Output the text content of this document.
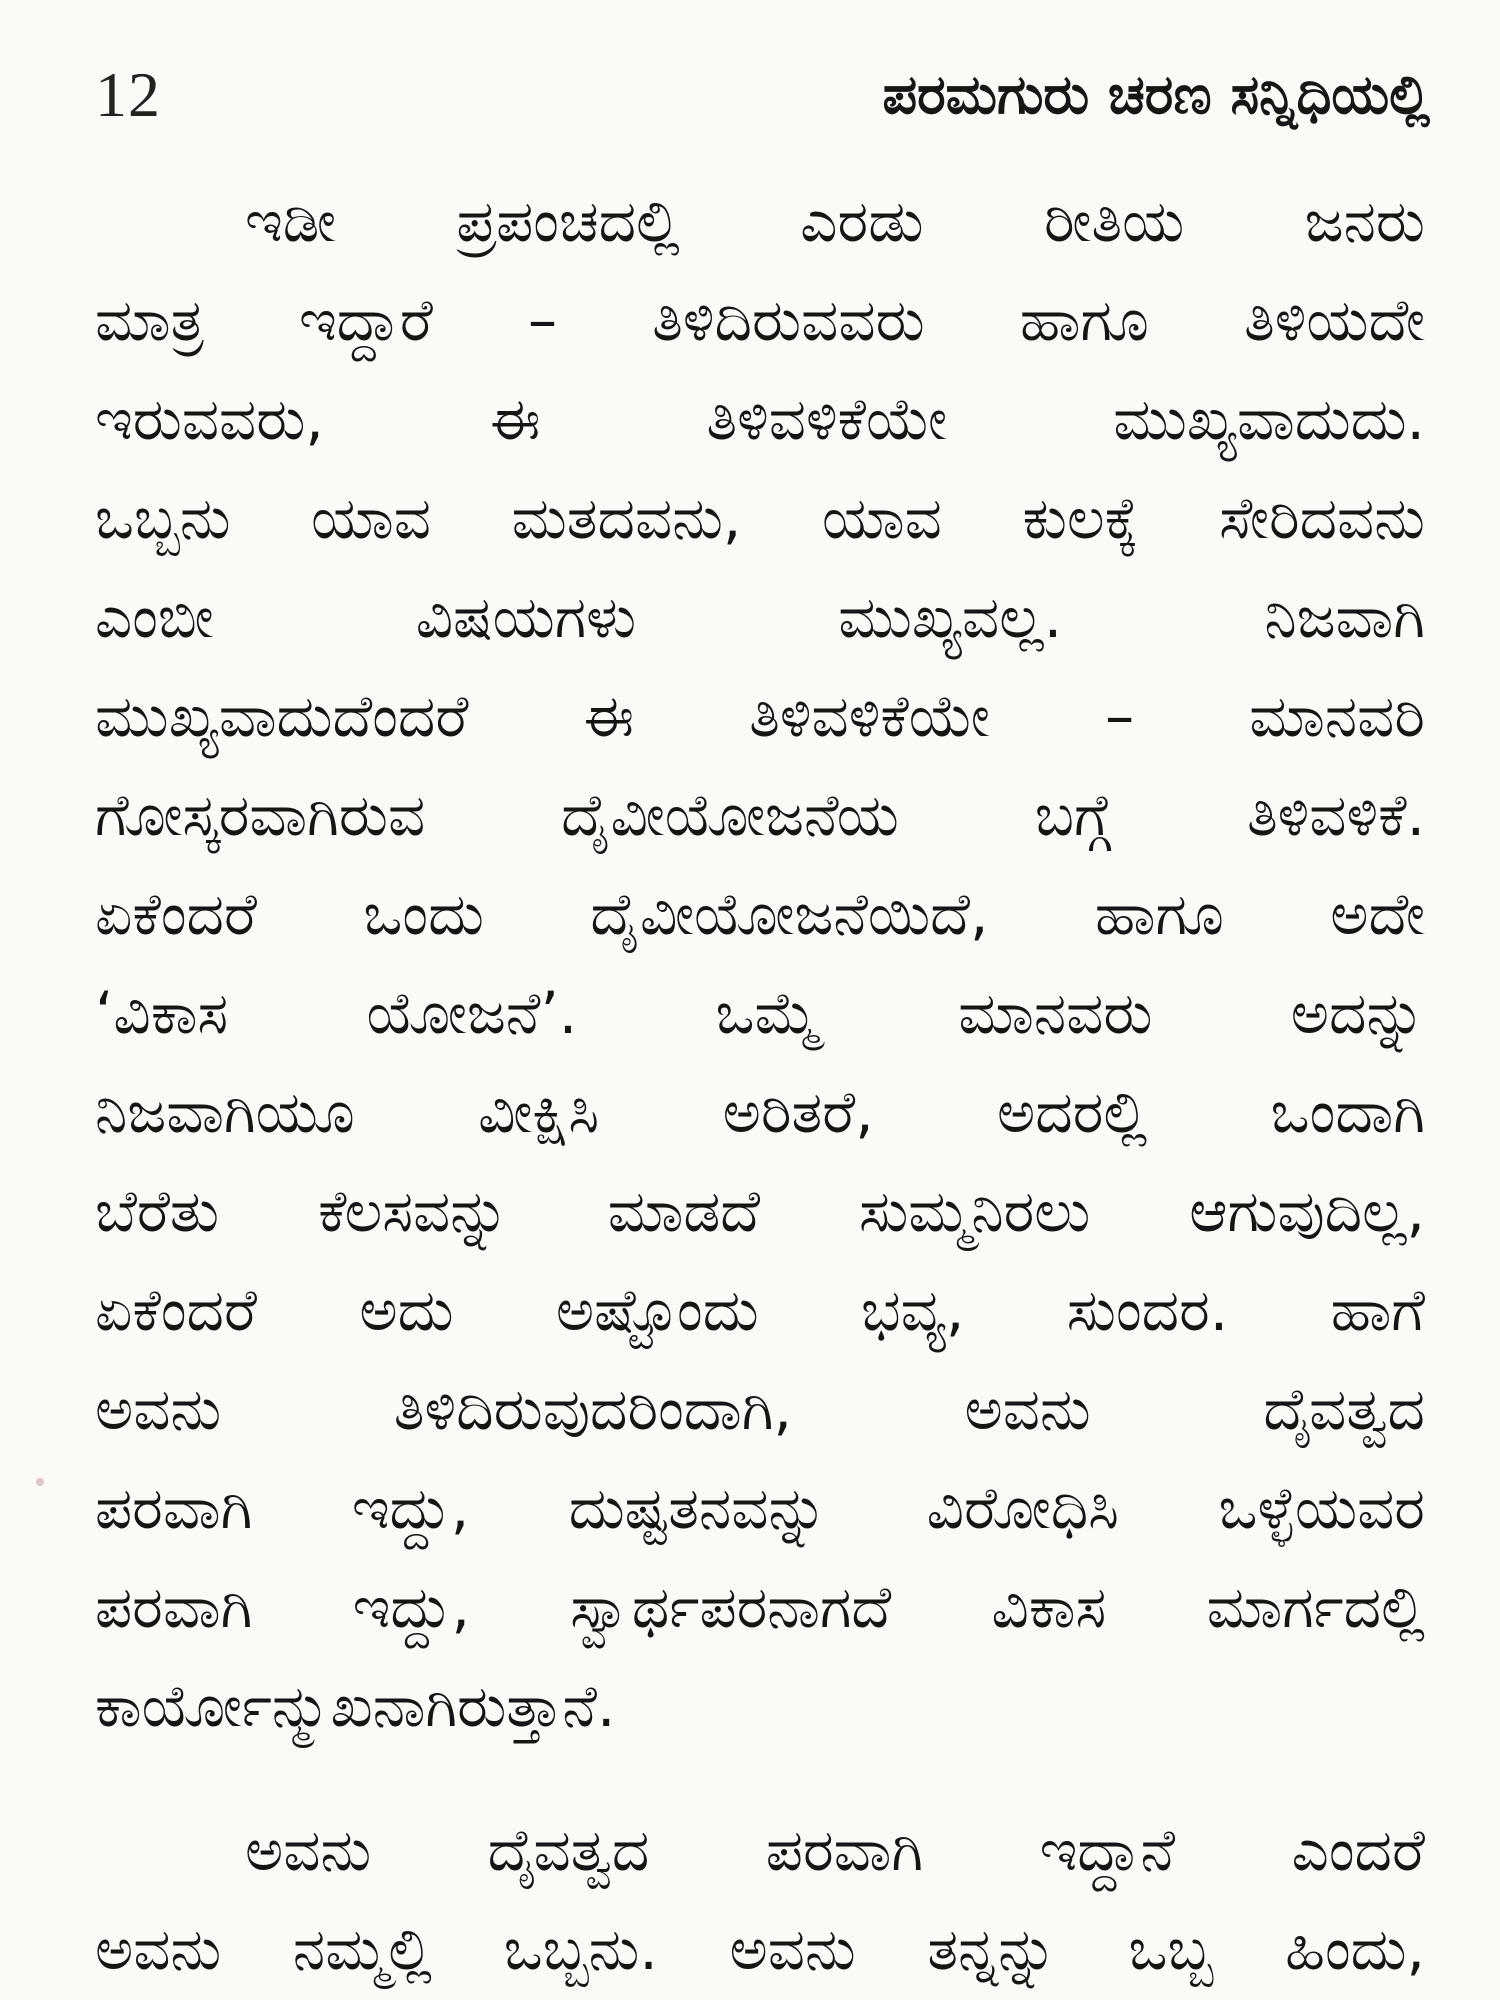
12	ಪರಮಗುರು ಚರಣ ಸನ್ನಿಧಿಯಲ್ಲಿ
ಇಡೀ ಪ್ರಪಂಚದಲ್ಲಿ ಎರಡು ರೀತಿಯ ಜನರು
ಮಾತ್ರ ಇದ್ದಾರೆ – ತಿಳಿದಿರುವವರು ಹಾಗೂ ತಿಳಿಯದೇ
ಇರುವವರು, ಈ ತಿಳಿವಳಿಕೆಯೇ ಮುಖ್ಯವಾದುದು.
ಒಬ್ಬನು ಯಾವ ಮತದವನು, ಯಾವ ಕುಲಕ್ಕೆ ಸೇರಿದವನು
ಎಂಬೀ ವಿಷಯಗಳು ಮುಖ್ಯವಲ್ಲ. ನಿಜವಾಗಿ
ಮುಖ್ಯವಾದುದೆಂದರೆ ಈ ತಿಳಿವಳಿಕೆಯೇ – ಮಾನವರಿ
ಗೋಸ್ಕರವಾಗಿರುವ ದೈವೀಯೋಜನೆಯ ಬಗ್ಗೆ ತಿಳಿವಳಿಕೆ.
ಏಕೆಂದರೆ ಒಂದು ದೈವೀಯೋಜನೆಯಿದೆ, ಹಾಗೂ ಅದೇ
‘ವಿಕಾಸ ಯೋಜನೆ’. ಒಮ್ಮೆ ಮಾನವರು ಅದನ್ನು
ನಿಜವಾಗಿಯೂ ವೀಕ್ಷಿಸಿ ಅರಿತರೆ, ಅದರಲ್ಲಿ ಒಂದಾಗಿ
ಬೆರೆತು ಕೆಲಸವನ್ನು ಮಾಡದೆ ಸುಮ್ಮನಿರಲು ಆಗುವುದಿಲ್ಲ,
ಏಕೆಂದರೆ ಅದು ಅಷ್ಟೊಂದು ಭವ್ಯ, ಸುಂದರ. ಹಾಗೆ
ಅವನು ತಿಳಿದಿರುವುದರಿಂದಾಗಿ, ಅವನು ದೈವತ್ವದ
ಪರವಾಗಿ ಇದ್ದು, ದುಷ್ಟತನವನ್ನು ವಿರೋಧಿಸಿ ಒಳ್ಳೆಯವರ
ಪರವಾಗಿ ಇದ್ದು, ಸ್ವಾರ್ಥಪರನಾಗದೆ ವಿಕಾಸ ಮಾರ್ಗದಲ್ಲಿ
ಕಾರ್ಯೋನ್ಮುಖನಾಗಿರುತ್ತಾನೆ.
ಅವನು ದೈವತ್ವದ ಪರವಾಗಿ ಇದ್ದಾನೆ ಎಂದರೆ
ಅವನು ನಮ್ಮಲ್ಲಿ ಒಬ್ಬನು. ಅವನು ತನ್ನನ್ನು ಒಬ್ಬ ಹಿಂದು,
